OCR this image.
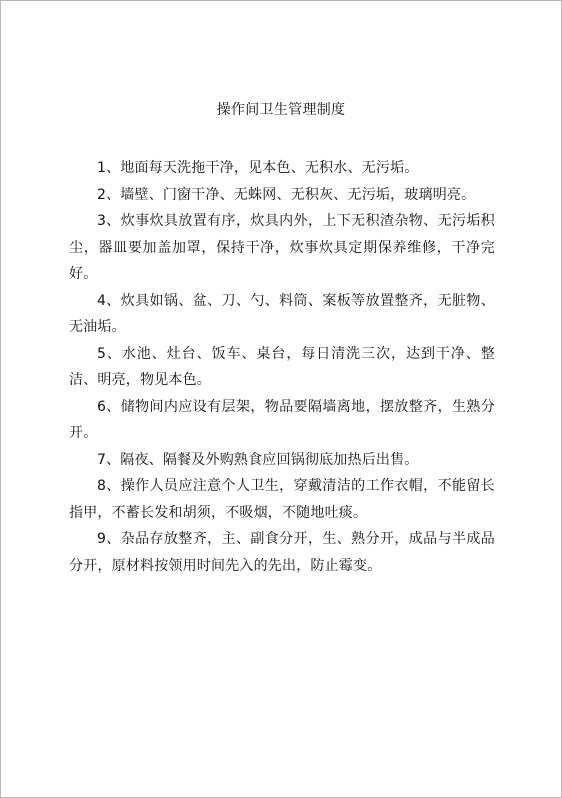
操作间卫生管理制度

1、地面每天洗拖干净，见本色、无积水、无污垢。

2、墙壁、门窗干净、无蛛网、无积灰、无污垢，玻璃明亮。

3、炊事炊具放置有序，炊具内外，上下无积渣杂物、无污垢积尘，器皿要加盖加罩，保持干净，炊事炊具定期保养维修，干净完好。

4、炊具如锅、盆、刀、勺、料筒、案板等放置整齐，无脏物、无油垢。

5、水池、灶台、饭车、桌台，每日清洗三次，达到干净、整洁、明亮，物见本色。

6、储物间内应设有层架，物品要隔墙离地，摆放整齐，生熟分开。

7、隔夜、隔餐及外购熟食应回锅彻底加热后出售。

8、操作人员应注意个人卫生，穿戴清洁的工作衣帽，不能留长指甲，不蓄长发和胡须，不吸烟，不随地吐痰。

9、杂品存放整齐，主、副食分开，生、熟分开，成品与半成品分开，原材料按领用时间先入的先出，防止霉变。
